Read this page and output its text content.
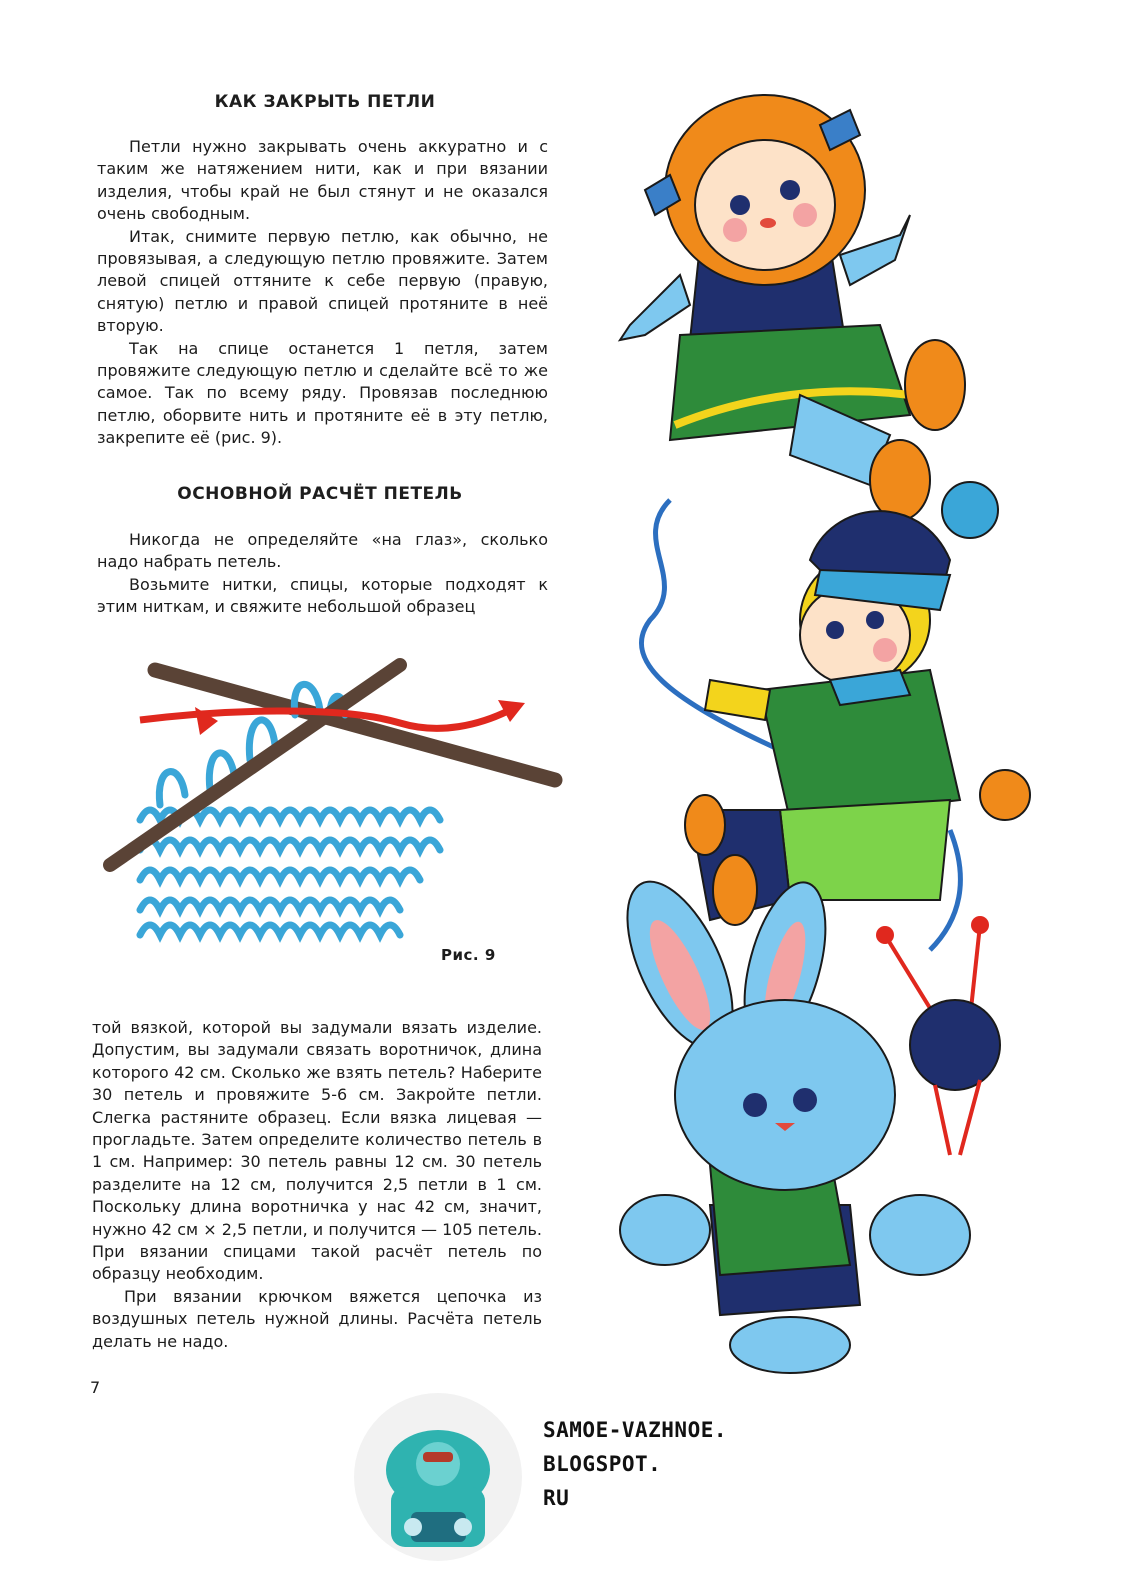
КАК ЗАКРЫТЬ ПЕТЛИ

Петли нужно закрывать очень аккуратно и с таким же натяжением нити, как и при вязании изделия, чтобы край не был стянут и не оказался очень свободным.

Итак, снимите первую петлю, как обычно, не провязывая, а следующую петлю провяжите. Затем левой спицей оттяните к себе первую (правую, снятую) петлю и правой спицей протяните в неё вторую.

Так на спице останется 1 петля, затем провяжите следующую петлю и сделайте всё то же самое. Так по всему ряду. Провязав последнюю петлю, оборвите нить и протяните её в эту петлю, закрепите её (рис. 9).

ОСНОВНОЙ РАСЧЁТ ПЕТЕЛЬ

Никогда не определяйте «на глаз», сколько надо набрать петель.

Возьмите нитки, спицы, которые подходят к этим ниткам, и свяжите небольшой образец

Рис. 9

той вязкой, которой вы задумали вязать изделие. Допустим, вы задумали связать воротничок, длина которого 42 см. Сколько же взять петель? Наберите 30 петель и провяжите 5-6 см. Закройте петли. Слегка растяните образец. Если вязка лицевая — прогладьте. Затем определите количество петель в 1 см. Например: 30 петель равны 12 см. 30 петель разделите на 12 см, получится 2,5 петли в 1 см. Поскольку длина воротничка у нас 42 см, значит, нужно 42 см × 2,5 петли, и получится — 105 петель. При вязании спицами такой расчёт петель по образцу необходим.

При вязании крючком вяжется цепочка из воздушных петель нужной длины. Расчёта петель делать не надо.

7
SAMOE-VAZHNOE.
BLOGSPOT.
RU
